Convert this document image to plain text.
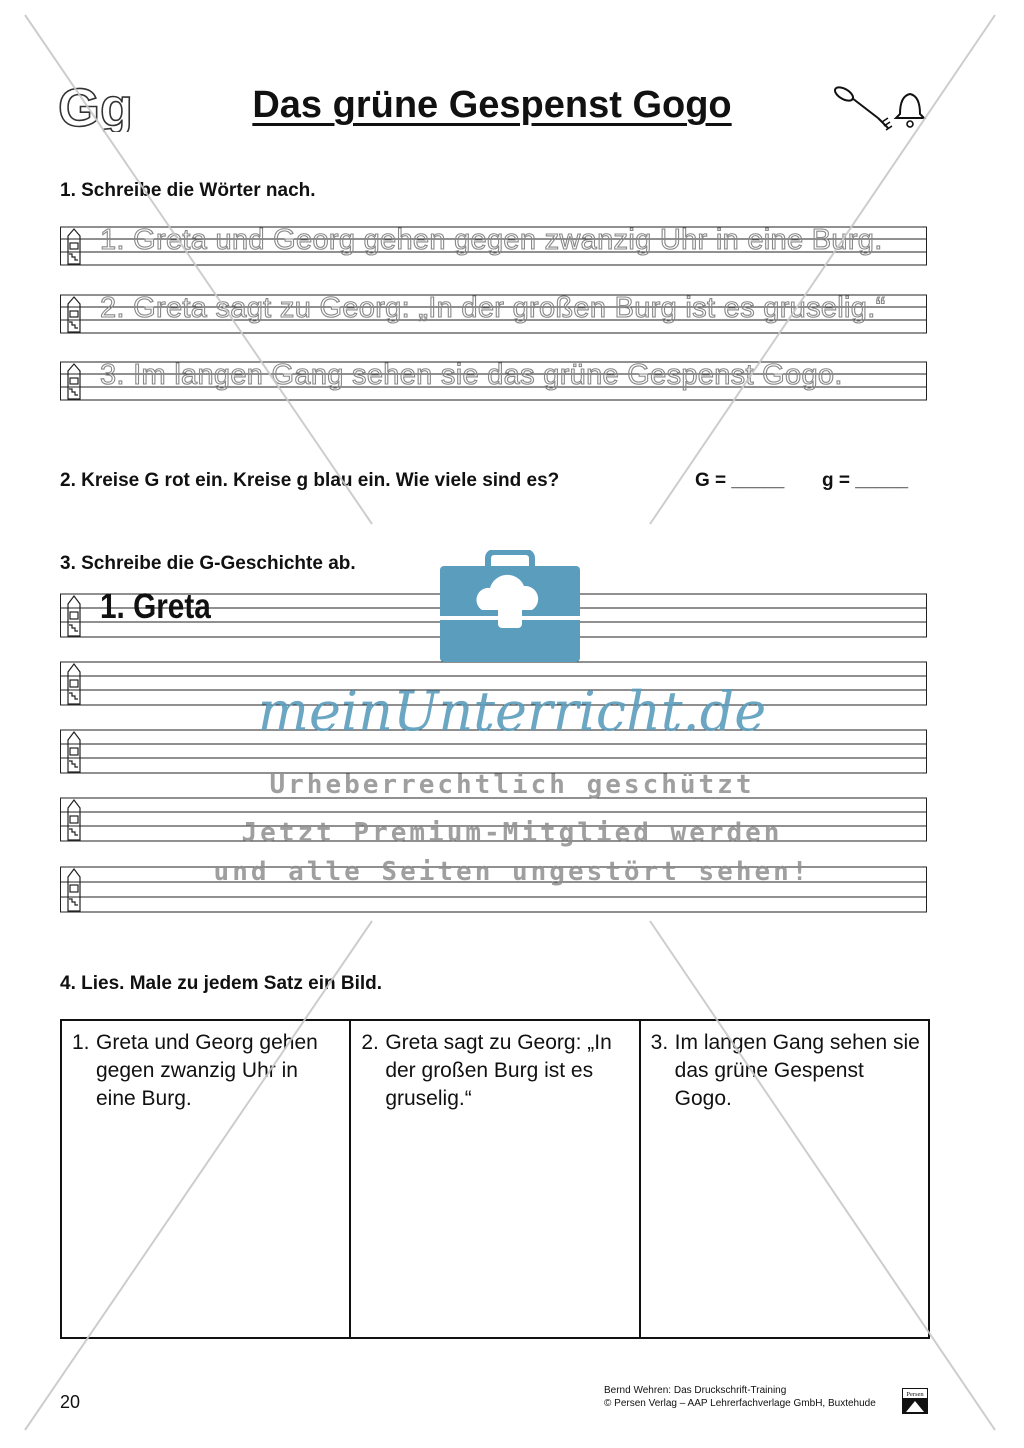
Gg	Das grüne Gespenst Gogo
1. Schreibe die Wörter nach.
1. Greta und Georg gehen gegen zwanzig Uhr in eine Burg.
2. Greta sagt zu Georg: „In der großen Burg ist es gruselig.“
3. Im langen Gang sehen sie das grüne Gespenst Gogo.
2. Kreise G rot ein. Kreise g blau ein. Wie viele sind es?	G = _____ g = _____
3. Schreibe die G-Geschichte ab.
1. Greta
4. Lies. Male zu jedem Satz ein Bild.
1. Greta und Georg gehen gegen zwanzig Uhr in eine Burg.
2. Greta sagt zu Georg: „In der großen Burg ist es gruselig.“
3. Im langen Gang sehen sie das grüne Gespenst Gogo.
20
Bernd Wehren: Das Druckschrift-Training
© Persen Verlag – AAP Lehrerfachverlage GmbH, Buxtehude
Persen
meinUnterricht.de
Urheberrechtlich geschützt
Jetzt Premium-Mitglied werden
und alle Seiten ungestört sehen!
